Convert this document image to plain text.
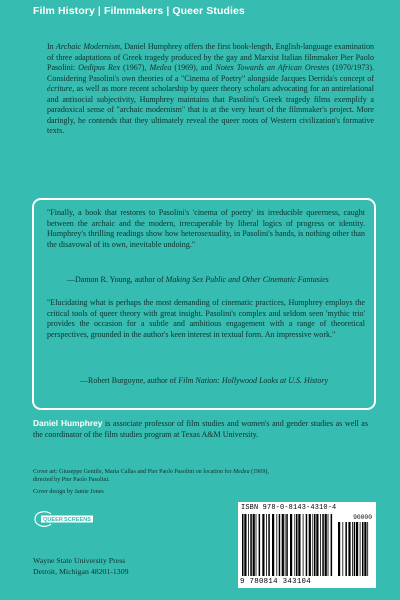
Film History | Filmmakers | Queer Studies
In Archaic Modernism, Daniel Humphrey offers the first book-length, English-language examination of three adaptations of Greek tragedy produced by the gay and Marxist Italian filmmaker Pier Paolo Pasolini: Oedipus Rex (1967), Medea (1969), and Notes Towards an African Orestes (1970/1973). Considering Pasolini's own theories of a "Cinema of Poetry" alongside Jacques Derrida's concept of écriture, as well as more recent scholarship by queer theory scholars advocating for an antirelational and antisocial subjectivity, Humphrey maintains that Pasolini's Greek tragedy films exemplify a paradoxical sense of "archaic modernism" that is at the very heart of the filmmaker's project. More daringly, he contends that they ultimately reveal the queer roots of Western civilization's formative texts.
"Finally, a book that restores to Pasolini's 'cinema of poetry' its irreducible queerness, caught between the archaic and the modern, irrecuperable by liberal logics of progress or identity. Humphrey's thrilling readings show how heterosexuality, in Pasolini's hands, is nothing other than the disavowal of its own, inevitable undoing."
—Damon R. Young, author of Making Sex Public and Other Cinematic Fantasies
"Elucidating what is perhaps the most demanding of cinematic practices, Humphrey employs the critical tools of queer theory with great insight. Pasolini's complex and seldom seen 'mythic trio' provides the occasion for a subtle and ambitious engagement with a range of theoretical perspectives, grounded in the author's keen interest in textual form. An impressive work."
—Robert Burgoyne, author of Film Nation: Hollywood Looks at U.S. History
Daniel Humphrey is associate professor of film studies and women's and gender studies as well as the coordinator of the film studies program at Texas A&M University.
Cover art: Giuseppe Gentile, Maria Callas and Pier Paolo Pasolini on location for Medea (1969),
directed by Pier Paolo Pasolini.
Cover design by Jamie Jones
QUEER SCREENS
Wayne State University Press
Detroit, Michigan 48201-1309
ISBN 978-0-8143-4310-4
90000
9 780814 343104
